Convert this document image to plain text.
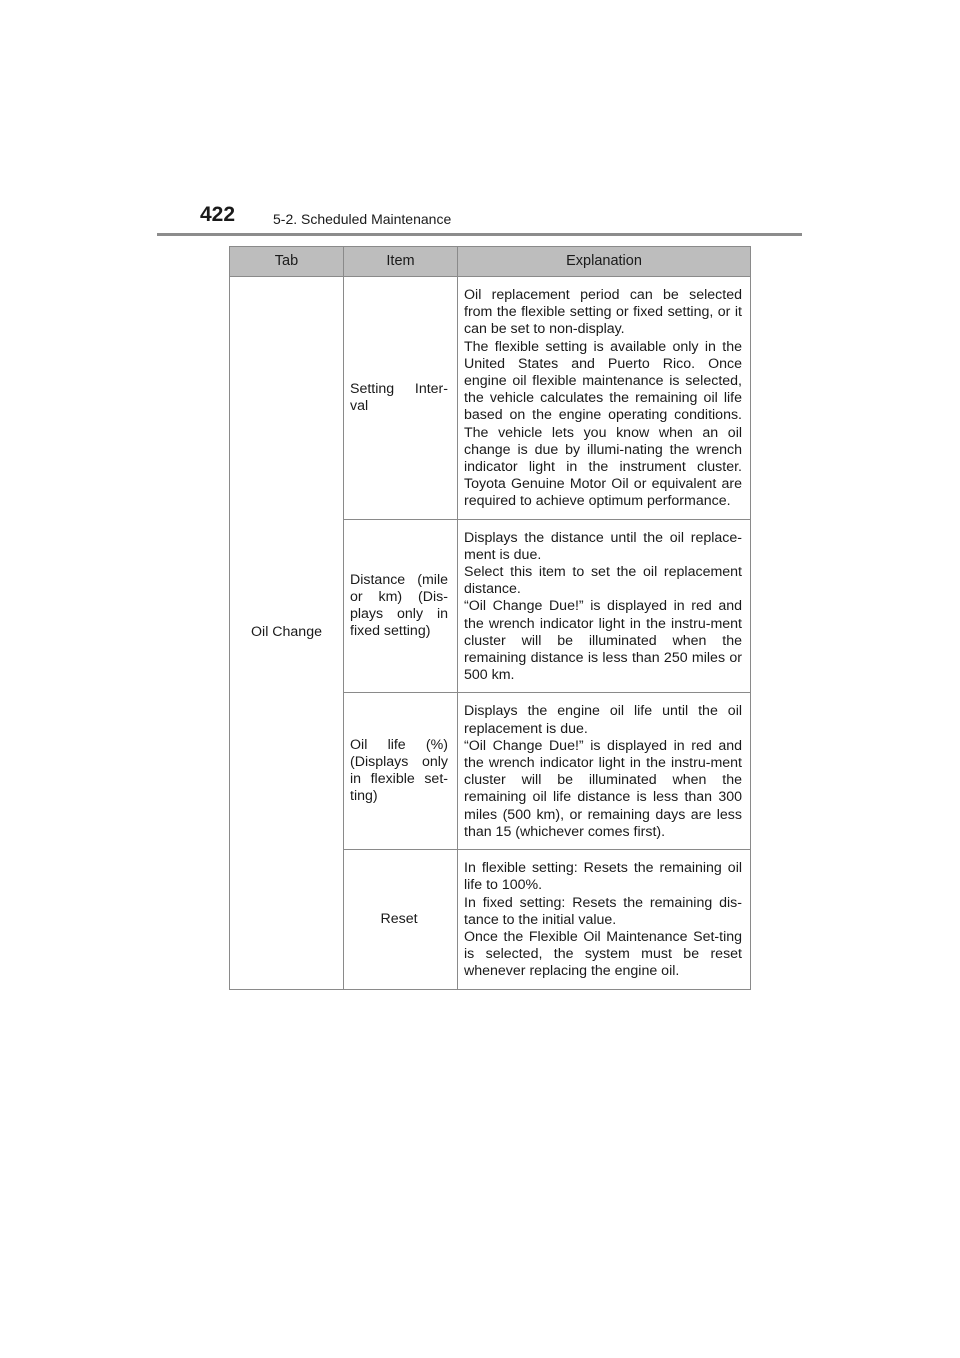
422	5-2. Scheduled Maintenance
Tab	Item	Explanation
Oil Change	Setting Inter-val	Oil replacement period can be selected from the flexible setting or fixed setting, or it can be set to non-display.
The flexible setting is available only in the United States and Puerto Rico. Once engine oil flexible maintenance is selected, the vehicle calculates the remaining oil life based on the engine operating conditions. The vehicle lets you know when an oil change is due by illumi-nating the wrench indicator light in the instrument cluster. Toyota Genuine Motor Oil or equivalent are required to achieve optimum performance.

	Distance (mile or km) (Dis-plays only in fixed setting)	Displays the distance until the oil replace-ment is due.
Select this item to set the oil replacement distance.
“Oil Change Due!” is displayed in red and the wrench indicator light in the instru-ment cluster will be illuminated when the remaining distance is less than 250 miles or 500 km.

	Oil life (%) (Displays only in flexible set-ting)	Displays the engine oil life until the oil replacement is due.
“Oil Change Due!” is displayed in red and the wrench indicator light in the instru-ment cluster will be illuminated when the remaining oil life distance is less than 300 miles (500 km), or remaining days are less than 15 (whichever comes first).

	Reset	In flexible setting: Resets the remaining oil life to 100%.
In fixed setting: Resets the remaining dis-tance to the initial value.
Once the Flexible Oil Maintenance Set-ting is selected, the system must be reset whenever replacing the engine oil.
